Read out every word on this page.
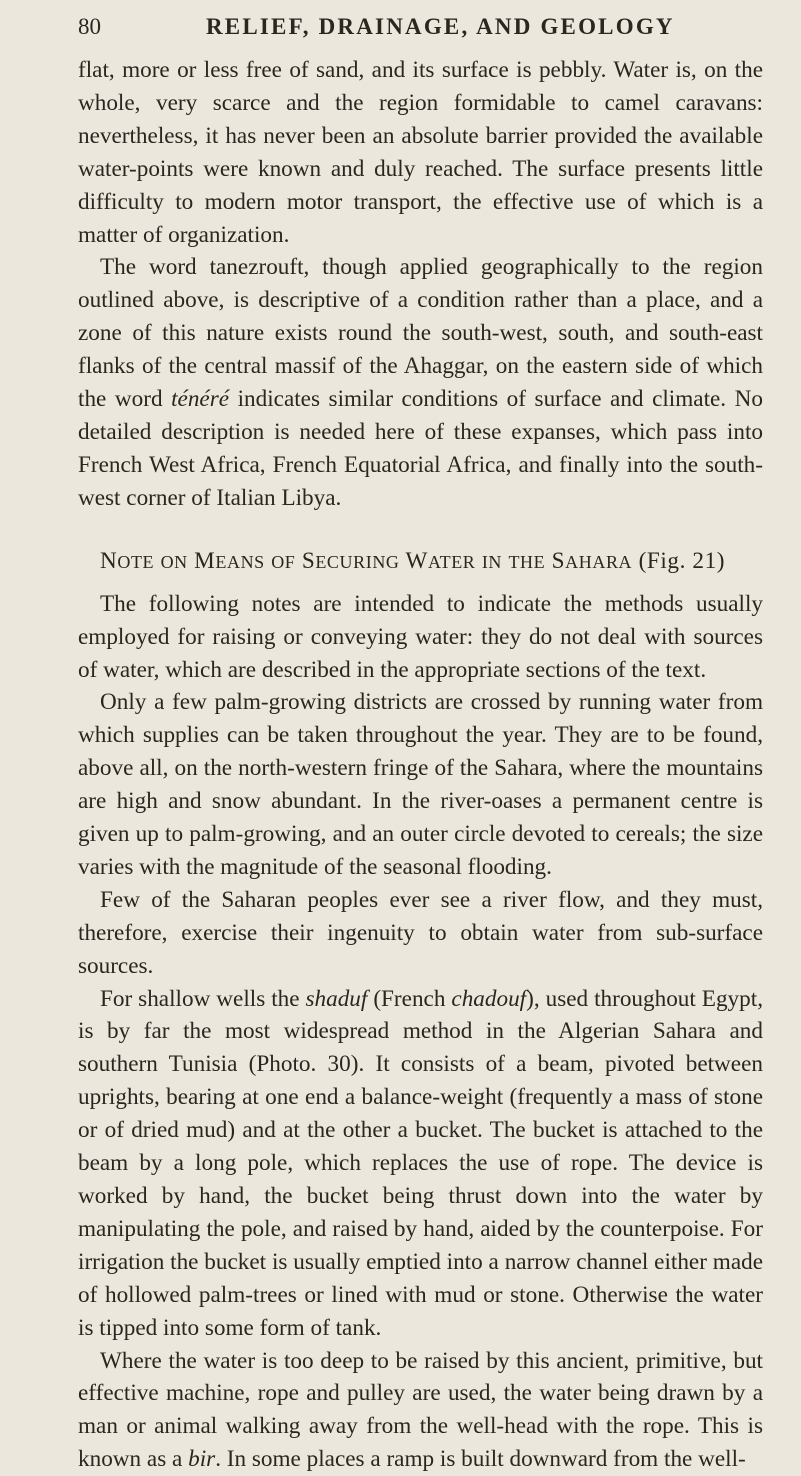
80	RELIEF, DRAINAGE, AND GEOLOGY

flat, more or less free of sand, and its surface is pebbly. Water is, on the whole, very scarce and the region formidable to camel caravans: nevertheless, it has never been an absolute barrier provided the available water-points were known and duly reached. The surface presents little difficulty to modern motor transport, the effective use of which is a matter of organization.

The word tanezrouft, though applied geographically to the region outlined above, is descriptive of a condition rather than a place, and a zone of this nature exists round the south-west, south, and south-east flanks of the central massif of the Ahaggar, on the eastern side of which the word ténéré indicates similar conditions of surface and climate. No detailed description is needed here of these expanses, which pass into French West Africa, French Equatorial Africa, and finally into the south-west corner of Italian Libya.

NOTE ON MEANS OF SECURING WATER IN THE SAHARA (Fig. 21)

The following notes are intended to indicate the methods usually employed for raising or conveying water: they do not deal with sources of water, which are described in the appropriate sections of the text.

Only a few palm-growing districts are crossed by running water from which supplies can be taken throughout the year. They are to be found, above all, on the north-western fringe of the Sahara, where the mountains are high and snow abundant. In the river-oases a permanent centre is given up to palm-growing, and an outer circle devoted to cereals; the size varies with the magnitude of the seasonal flooding.

Few of the Saharan peoples ever see a river flow, and they must, therefore, exercise their ingenuity to obtain water from sub-surface sources.

For shallow wells the shaduf (French chadouf), used throughout Egypt, is by far the most widespread method in the Algerian Sahara and southern Tunisia (Photo. 30). It consists of a beam, pivoted between uprights, bearing at one end a balance-weight (frequently a mass of stone or of dried mud) and at the other a bucket. The bucket is attached to the beam by a long pole, which replaces the use of rope. The device is worked by hand, the bucket being thrust down into the water by manipulating the pole, and raised by hand, aided by the counterpoise. For irrigation the bucket is usually emptied into a narrow channel either made of hollowed palm-trees or lined with mud or stone. Otherwise the water is tipped into some form of tank.

Where the water is too deep to be raised by this ancient, primitive, but effective machine, rope and pulley are used, the water being drawn by a man or animal walking away from the well-head with the rope. This is known as a bir. In some places a ramp is built downward from the well-
